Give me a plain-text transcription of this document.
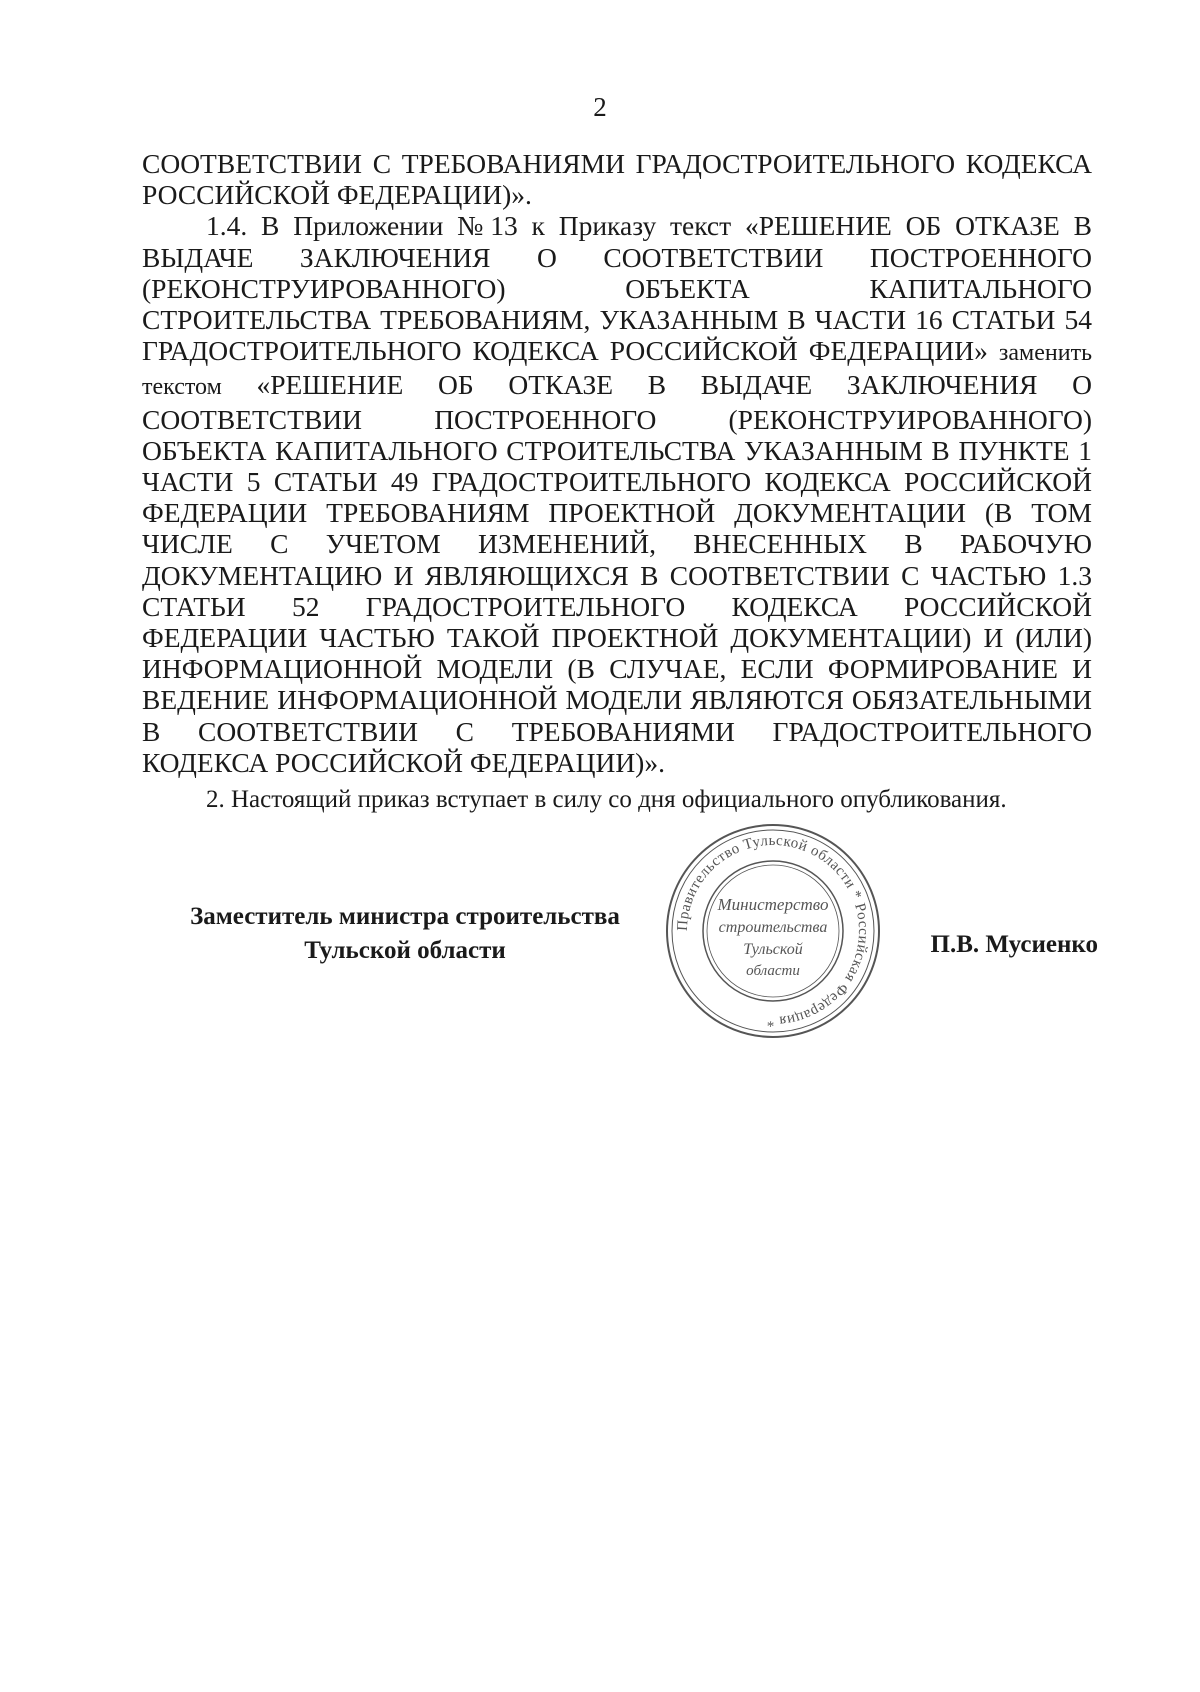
2

СООТВЕТСТВИИ С ТРЕБОВАНИЯМИ ГРАДОСТРОИТЕЛЬНОГО КОДЕКСА РОССИЙСКОЙ ФЕДЕРАЦИИ)».

1.4. В Приложении №13 к Приказу текст «РЕШЕНИЕ ОБ ОТКАЗЕ В ВЫДАЧЕ ЗАКЛЮЧЕНИЯ О СООТВЕТСТВИИ ПОСТРОЕННОГО (РЕКОНСТРУИРОВАННОГО) ОБЪЕКТА КАПИТАЛЬНОГО СТРОИТЕЛЬСТВА ТРЕБОВАНИЯМ, УКАЗАННЫМ В ЧАСТИ 16 СТАТЬИ 54 ГРАДОСТРОИТЕЛЬНОГО КОДЕКСА РОССИЙСКОЙ ФЕДЕРАЦИИ» заменить текстом «РЕШЕНИЕ ОБ ОТКАЗЕ В ВЫДАЧЕ ЗАКЛЮЧЕНИЯ О СООТВЕТСТВИИ ПОСТРОЕННОГО (РЕКОНСТРУИРОВАННОГО) ОБЪЕКТА КАПИТАЛЬНОГО СТРОИТЕЛЬСТВА УКАЗАННЫМ В ПУНКТЕ 1 ЧАСТИ 5 СТАТЬИ 49 ГРАДОСТРОИТЕЛЬНОГО КОДЕКСА РОССИЙСКОЙ ФЕДЕРАЦИИ ТРЕБОВАНИЯМ ПРОЕКТНОЙ ДОКУМЕНТАЦИИ (В ТОМ ЧИСЛЕ С УЧЕТОМ ИЗМЕНЕНИЙ, ВНЕСЕННЫХ В РАБОЧУЮ ДОКУМЕНТАЦИЮ И ЯВЛЯЮЩИХСЯ В СООТВЕТСТВИИ С ЧАСТЬЮ 1.3 СТАТЬИ 52 ГРАДОСТРОИТЕЛЬНОГО КОДЕКСА РОССИЙСКОЙ ФЕДЕРАЦИИ ЧАСТЬЮ ТАКОЙ ПРОЕКТНОЙ ДОКУМЕНТАЦИИ) И (ИЛИ) ИНФОРМАЦИОННОЙ МОДЕЛИ (В СЛУЧАЕ, ЕСЛИ ФОРМИРОВАНИЕ И ВЕДЕНИЕ ИНФОРМАЦИОННОЙ МОДЕЛИ ЯВЛЯЮТСЯ ОБЯЗАТЕЛЬНЫМИ В СООТВЕТСТВИИ С ТРЕБОВАНИЯМИ ГРАДОСТРОИТЕЛЬНОГО КОДЕКСА РОССИЙСКОЙ ФЕДЕРАЦИИ)».

2. Настоящий приказ вступает в силу со дня официального опубликования.
Заместитель министра строительства
Тульской области	П.В. Мусиенко
Правительство Тульской области * Российская Федерация *
Министерство
строительства
Тульской
области
